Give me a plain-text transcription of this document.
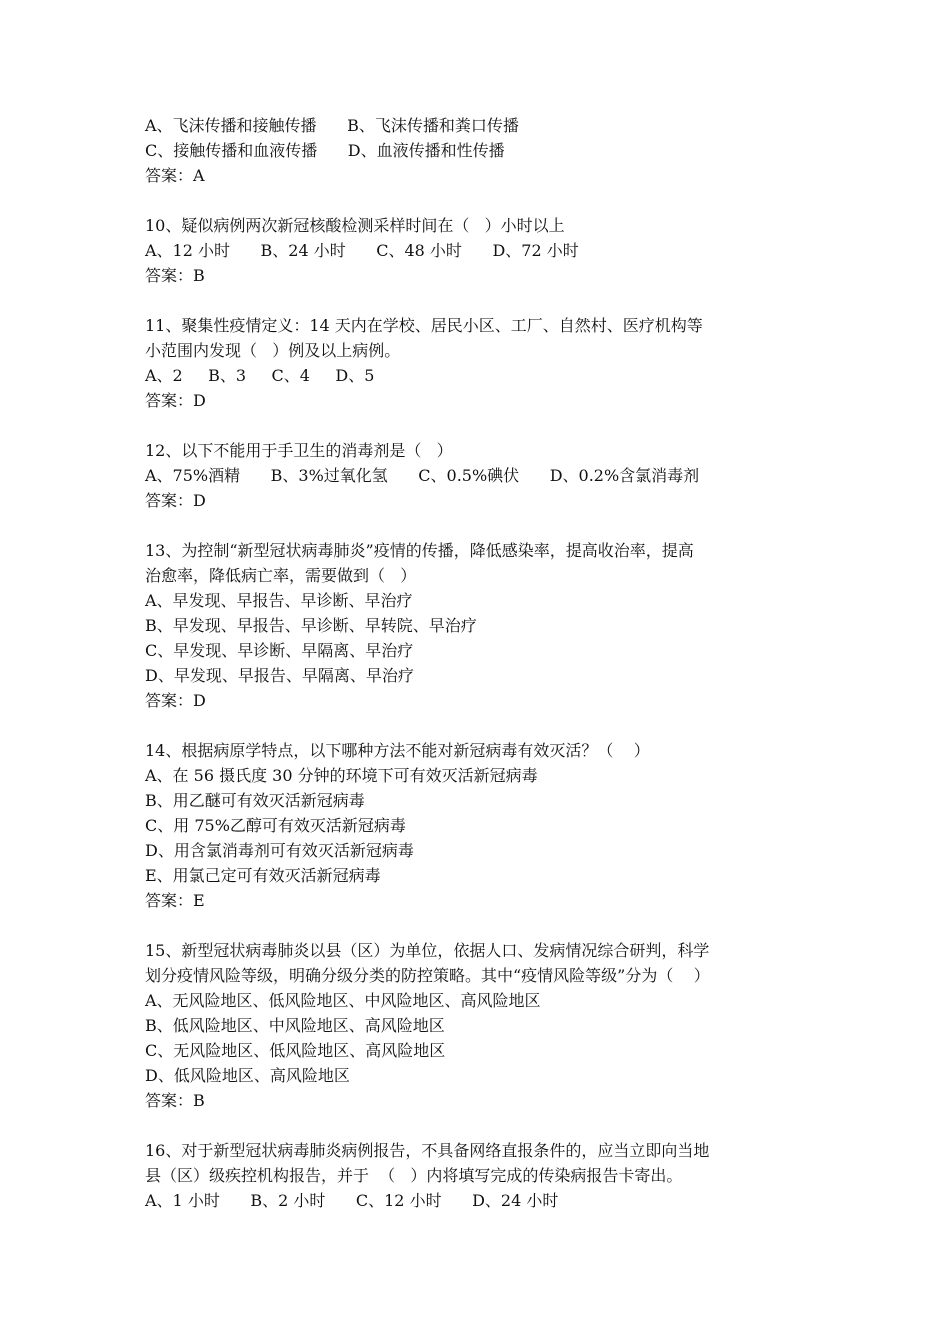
A、飞沫传播和接触传播      B、飞沫传播和粪口传播
C、接触传播和血液传播      D、血液传播和性传播
答案：A
10、疑似病例两次新冠核酸检测采样时间在（   ）小时以上
A、12 小时      B、24 小时      C、48 小时      D、72 小时
答案：B
11、聚集性疫情定义：14 天内在学校、居民小区、工厂、自然村、医疗机构等
小范围内发现（   ）例及以上病例。
A、2     B、3     C、4     D、5
答案：D
12、以下不能用于手卫生的消毒剂是（   ）
A、75%酒精      B、3%过氧化氢      C、0.5%碘伏      D、0.2%含氯消毒剂
答案：D
13、为控制“新型冠状病毒肺炎”疫情的传播，降低感染率，提高收治率，提高
治愈率，降低病亡率，需要做到（   ）
A、早发现、早报告、早诊断、早治疗
B、早发现、早报告、早诊断、早转院、早治疗
C、早发现、早诊断、早隔离、早治疗
D、早发现、早报告、早隔离、早治疗
答案：D
14、根据病原学特点，以下哪种方法不能对新冠病毒有效灭活？（    ）
A、在 56 摄氏度 30 分钟的环境下可有效灭活新冠病毒
B、用乙醚可有效灭活新冠病毒
C、用 75%乙醇可有效灭活新冠病毒
D、用含氯消毒剂可有效灭活新冠病毒
E、用氯己定可有效灭活新冠病毒
答案：E
15、新型冠状病毒肺炎以县（区）为单位，依据人口、发病情况综合研判，科学
划分疫情风险等级，明确分级分类的防控策略。其中“疫情风险等级”分为（    ）
A、无风险地区、低风险地区、中风险地区、高风险地区
B、低风险地区、中风险地区、高风险地区
C、无风险地区、低风险地区、高风险地区
D、低风险地区、高风险地区
答案：B
16、对于新型冠状病毒肺炎病例报告，不具备网络直报条件的，应当立即向当地
县（区）级疾控机构报告，并于  （   ）内将填写完成的传染病报告卡寄出。
A、1 小时      B、2 小时      C、12 小时      D、24 小时
